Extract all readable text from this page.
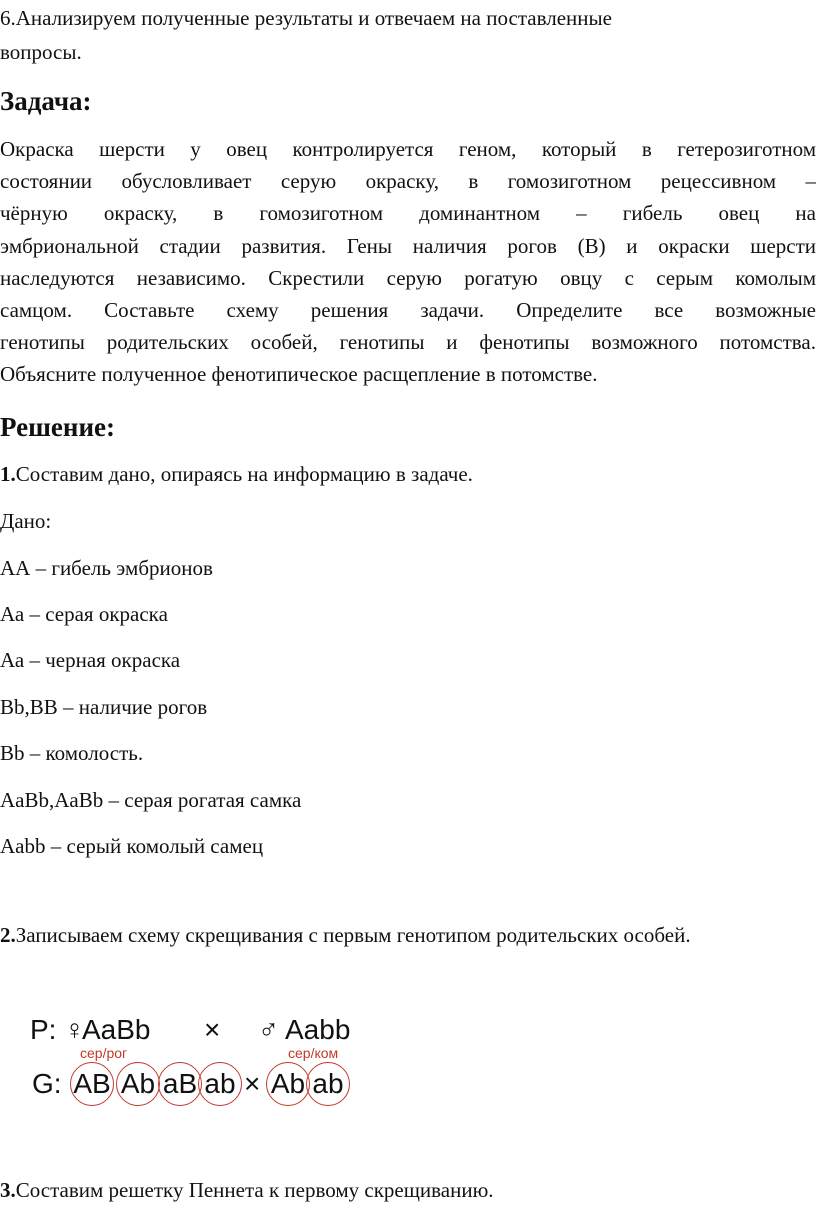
6.Анализируем полученные результаты и отвечаем на поставленные
вопросы.
Задача:
Окраска шерсти у овец контролируется геном, который в гетерозиготном
состоянии обусловливает серую окраску, в гомозиготном рецессивном –
чёрную окраску, в гомозиготном доминантном – гибель овец на
эмбриональной стадии развития. Гены наличия рогов (В) и окраски шерсти
наследуются независимо. Скрестили серую рогатую овцу с серым комолым
самцом. Составьте схему решения задачи. Определите все возможные
генотипы родительских особей, генотипы и фенотипы возможного потомства.
Объясните полученное фенотипическое расщепление в потомстве.
Решение:
1.Составим дано, опираясь на информацию в задаче.
Дано:
АА – гибель эмбрионов
Аа – серая окраска
Аа – черная окраска
Bb,BB – наличие рогов
Bb – комолость.
AaBb,AaBb – серая рогатая самка
Aabb – серый комолый самец
2.Записываем схему скрещивания с первым генотипом родительских особей.
P: ♀
AaBb × ♂ Aabb
сер/рог	сер/ком
G: AB Ab aB ab × Ab ab
3.Составим решетку Пеннета к первому скрещиванию.
